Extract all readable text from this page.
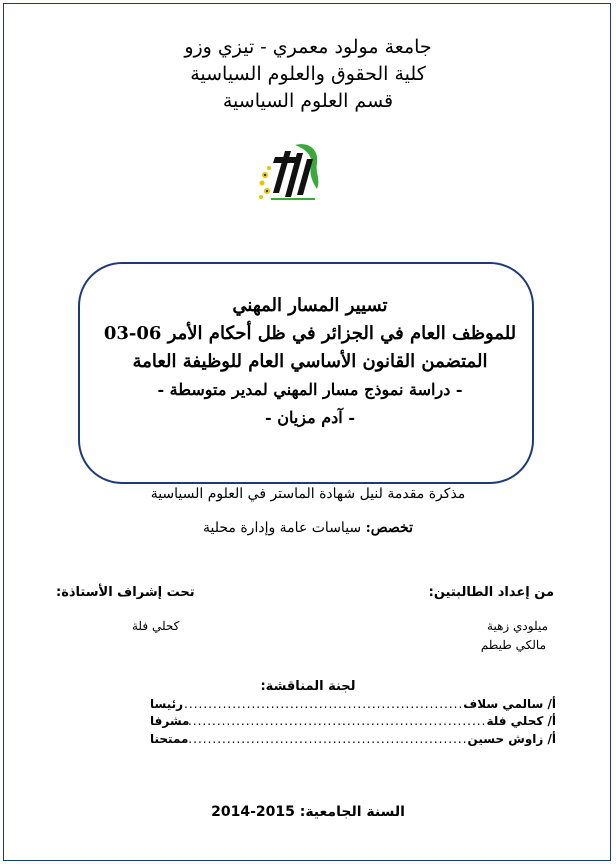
جامعة مولود معمري - تيزي وزو
كلية الحقوق والعلوم السياسية
قسم العلوم السياسية
تسيير المسار المهني
للموظف العام في الجزائر في ظل أحكام الأمر 06-03
المتضمن القانون الأساسي العام للوظيفة العامة
- دراسة نموذج مسار المهني لمدير متوسطة -
- آدم مزيان -
مذكرة مقدمة لنيل شهادة الماستر في العلوم السياسية
تخصص: سياسات عامة وإدارة محلية
من إعداد الطالبتين:
ميلودي زهية
مالكي طيطم
تحت إشراف الأستاذة:
كحلي فلة
لجنة المناقشة:
أ/ سالمي سلاف
.....
رئيسا
أ/ كحلي فلة
.....
مشرفا
أ/ زاوش حسين
.....
ممتحنا
السنة الجامعية: 2015-2014
